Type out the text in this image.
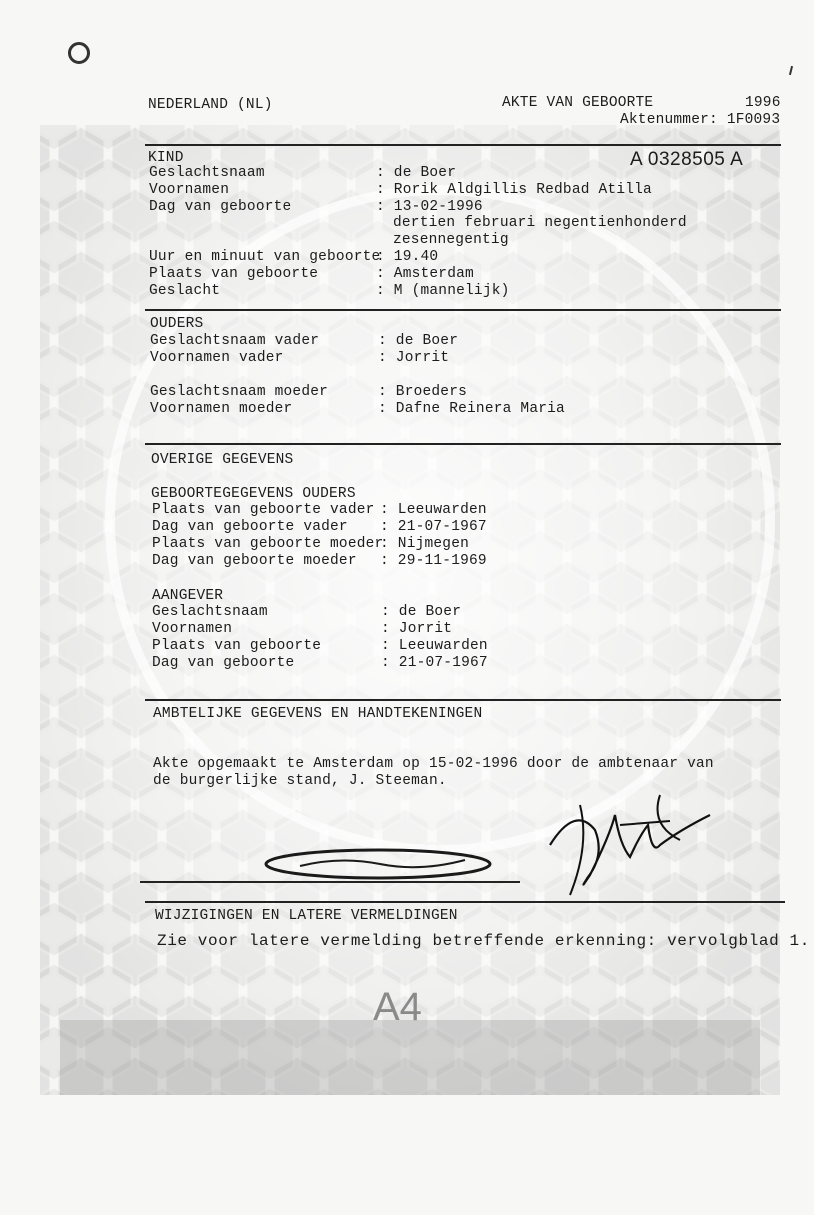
NEDERLAND (NL)	AKTE VAN GEBOORTE	1996
Aktenummer: 1F0093
KIND	A 0328505 A
Geslachtsnaam	: de Boer
Voornamen	: Rorik Aldgillis Redbad Atilla
Dag van geboorte	: 13-02-1996
dertien februari negentienhonderd
zesennegentig
Uur en minuut van geboorte
: 19.40
Plaats van geboorte	: Amsterdam
Geslacht	: M (mannelijk)
OUDERS
Geslachtsnaam vader	: de Boer
Voornamen vader	: Jorrit
Geslachtsnaam moeder	: Broeders
Voornamen moeder	: Dafne Reinera Maria
OVERIGE GEGEVENS
GEBOORTEGEGEVENS OUDERS
Plaats van geboorte vader : Leeuwarden
Dag van geboorte vader : 21-07-1967
Plaats van geboorte moeder
: Nijmegen
Dag van geboorte moeder : 29-11-1969
AANGEVER
Geslachtsnaam	: de Boer
Voornamen	: Jorrit
Plaats van geboorte	: Leeuwarden
Dag van geboorte	: 21-07-1967
AMBTELIJKE GEGEVENS EN HANDTEKENINGEN
Akte opgemaakt te Amsterdam op 15-02-1996 door de ambtenaar van
de burgerlijke stand, J. Steeman.
WIJZIGINGEN EN LATERE VERMELDINGEN
Zie voor latere vermelding betreffende erkenning: vervolgblad 1.
A4
